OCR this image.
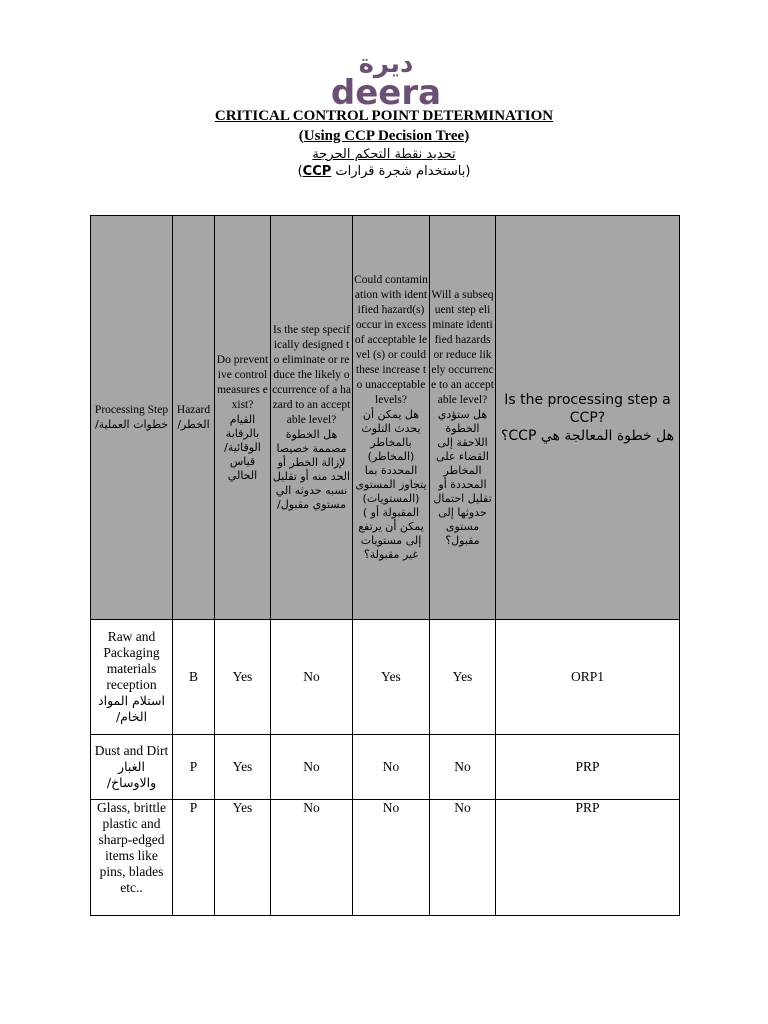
ديرة
deera
CRITICAL CONTROL POINT DETERMINATION
(Using CCP Decision Tree)
تحديد نقطة التحكم الحرجة
(باستخدام شجرة قرارات CCP)
Processing Step
خطوات العملية/	Hazard
الخطر/	Do preventive control measures exist?
القيام بالرقابة الوقائية/ قياس الحالي	Is the step specifically designed to eliminate or reduce the likely occurrence of a hazard to an acceptable level?
هل الخطوة مصممة خصيصا لإزالة الخطر أو الحد منه أو تقليل نسبه حدوثه الي مستوي مقبول/	Could contamination with identified hazard(s) occur in excess of acceptable level (s) or could these increase to unacceptable levels?
هل يمكن أن يحدث التلوث بالمخاطر (المخاطر) المحددة بما يتجاوز المستوى (المستويات) المقبولة أو ) يمكن أن يرتفع إلى مستويات غير مقبولة؟	Will a subsequent step eliminate identified hazards or reduce likely occurrence to an acceptable level?
هل ستؤدي الخطوة اللاحقة إلى القضاء على المخاطر المحددة أو تقليل احتمال حدوثها إلى مستوى مقبول؟	Is the processing step a CCP?
هل خطوة المعالجة هي CCP؟

Raw and Packaging materials reception
استلام المواد الخام/	B	Yes	No	Yes	Yes	ORP1
Dust and Dirt
الغبار والاوساخ/	P	Yes	No	No	No	PRP
Glass, brittle plastic and sharp-edged items like pins, blades etc..	P	Yes	No	No	No	PRP
